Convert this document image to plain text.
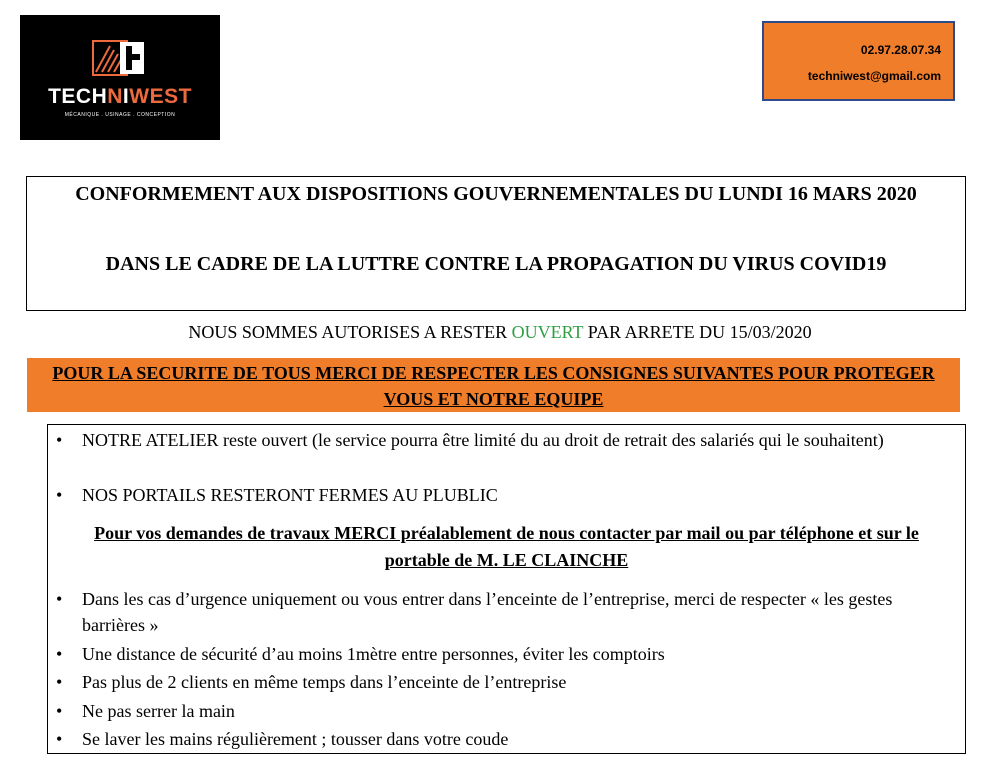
TECHNIWEST
MÉCANIQUE . USINAGE . CONCEPTION
02.97.28.07.34
techniwest@gmail.com
CONFORMEMENT AUX DISPOSITIONS GOUVERNEMENTALES DU LUNDI 16 MARS 2020
DANS LE CADRE DE LA LUTTRE CONTRE LA PROPAGATION DU VIRUS COVID19
NOUS SOMMES AUTORISES A RESTER OUVERT PAR ARRETE DU 15/03/2020
POUR LA SECURITE DE TOUS MERCI DE RESPECTER LES CONSIGNES SUIVANTES POUR PROTEGER VOUS ET NOTRE EQUIPE
• NOTRE ATELIER reste ouvert (le service pourra être limité du au droit de retrait des salariés qui le souhaitent)
• NOS PORTAILS RESTERONT FERMES AU PLUBLIC
Pour vos demandes de travaux MERCI préalablement de nous contacter par mail ou par téléphone et sur le portable de M. LE CLAINCHE
• Dans les cas d’urgence uniquement ou vous entrer dans l’enceinte de l’entreprise, merci de respecter « les gestes barrières »
• Une distance de sécurité d’au moins 1mètre entre personnes, éviter les comptoirs
• Pas plus de 2 clients en même temps dans l’enceinte de l’entreprise
• Ne pas serrer la main
• Se laver les mains régulièrement ; tousser dans votre coude
